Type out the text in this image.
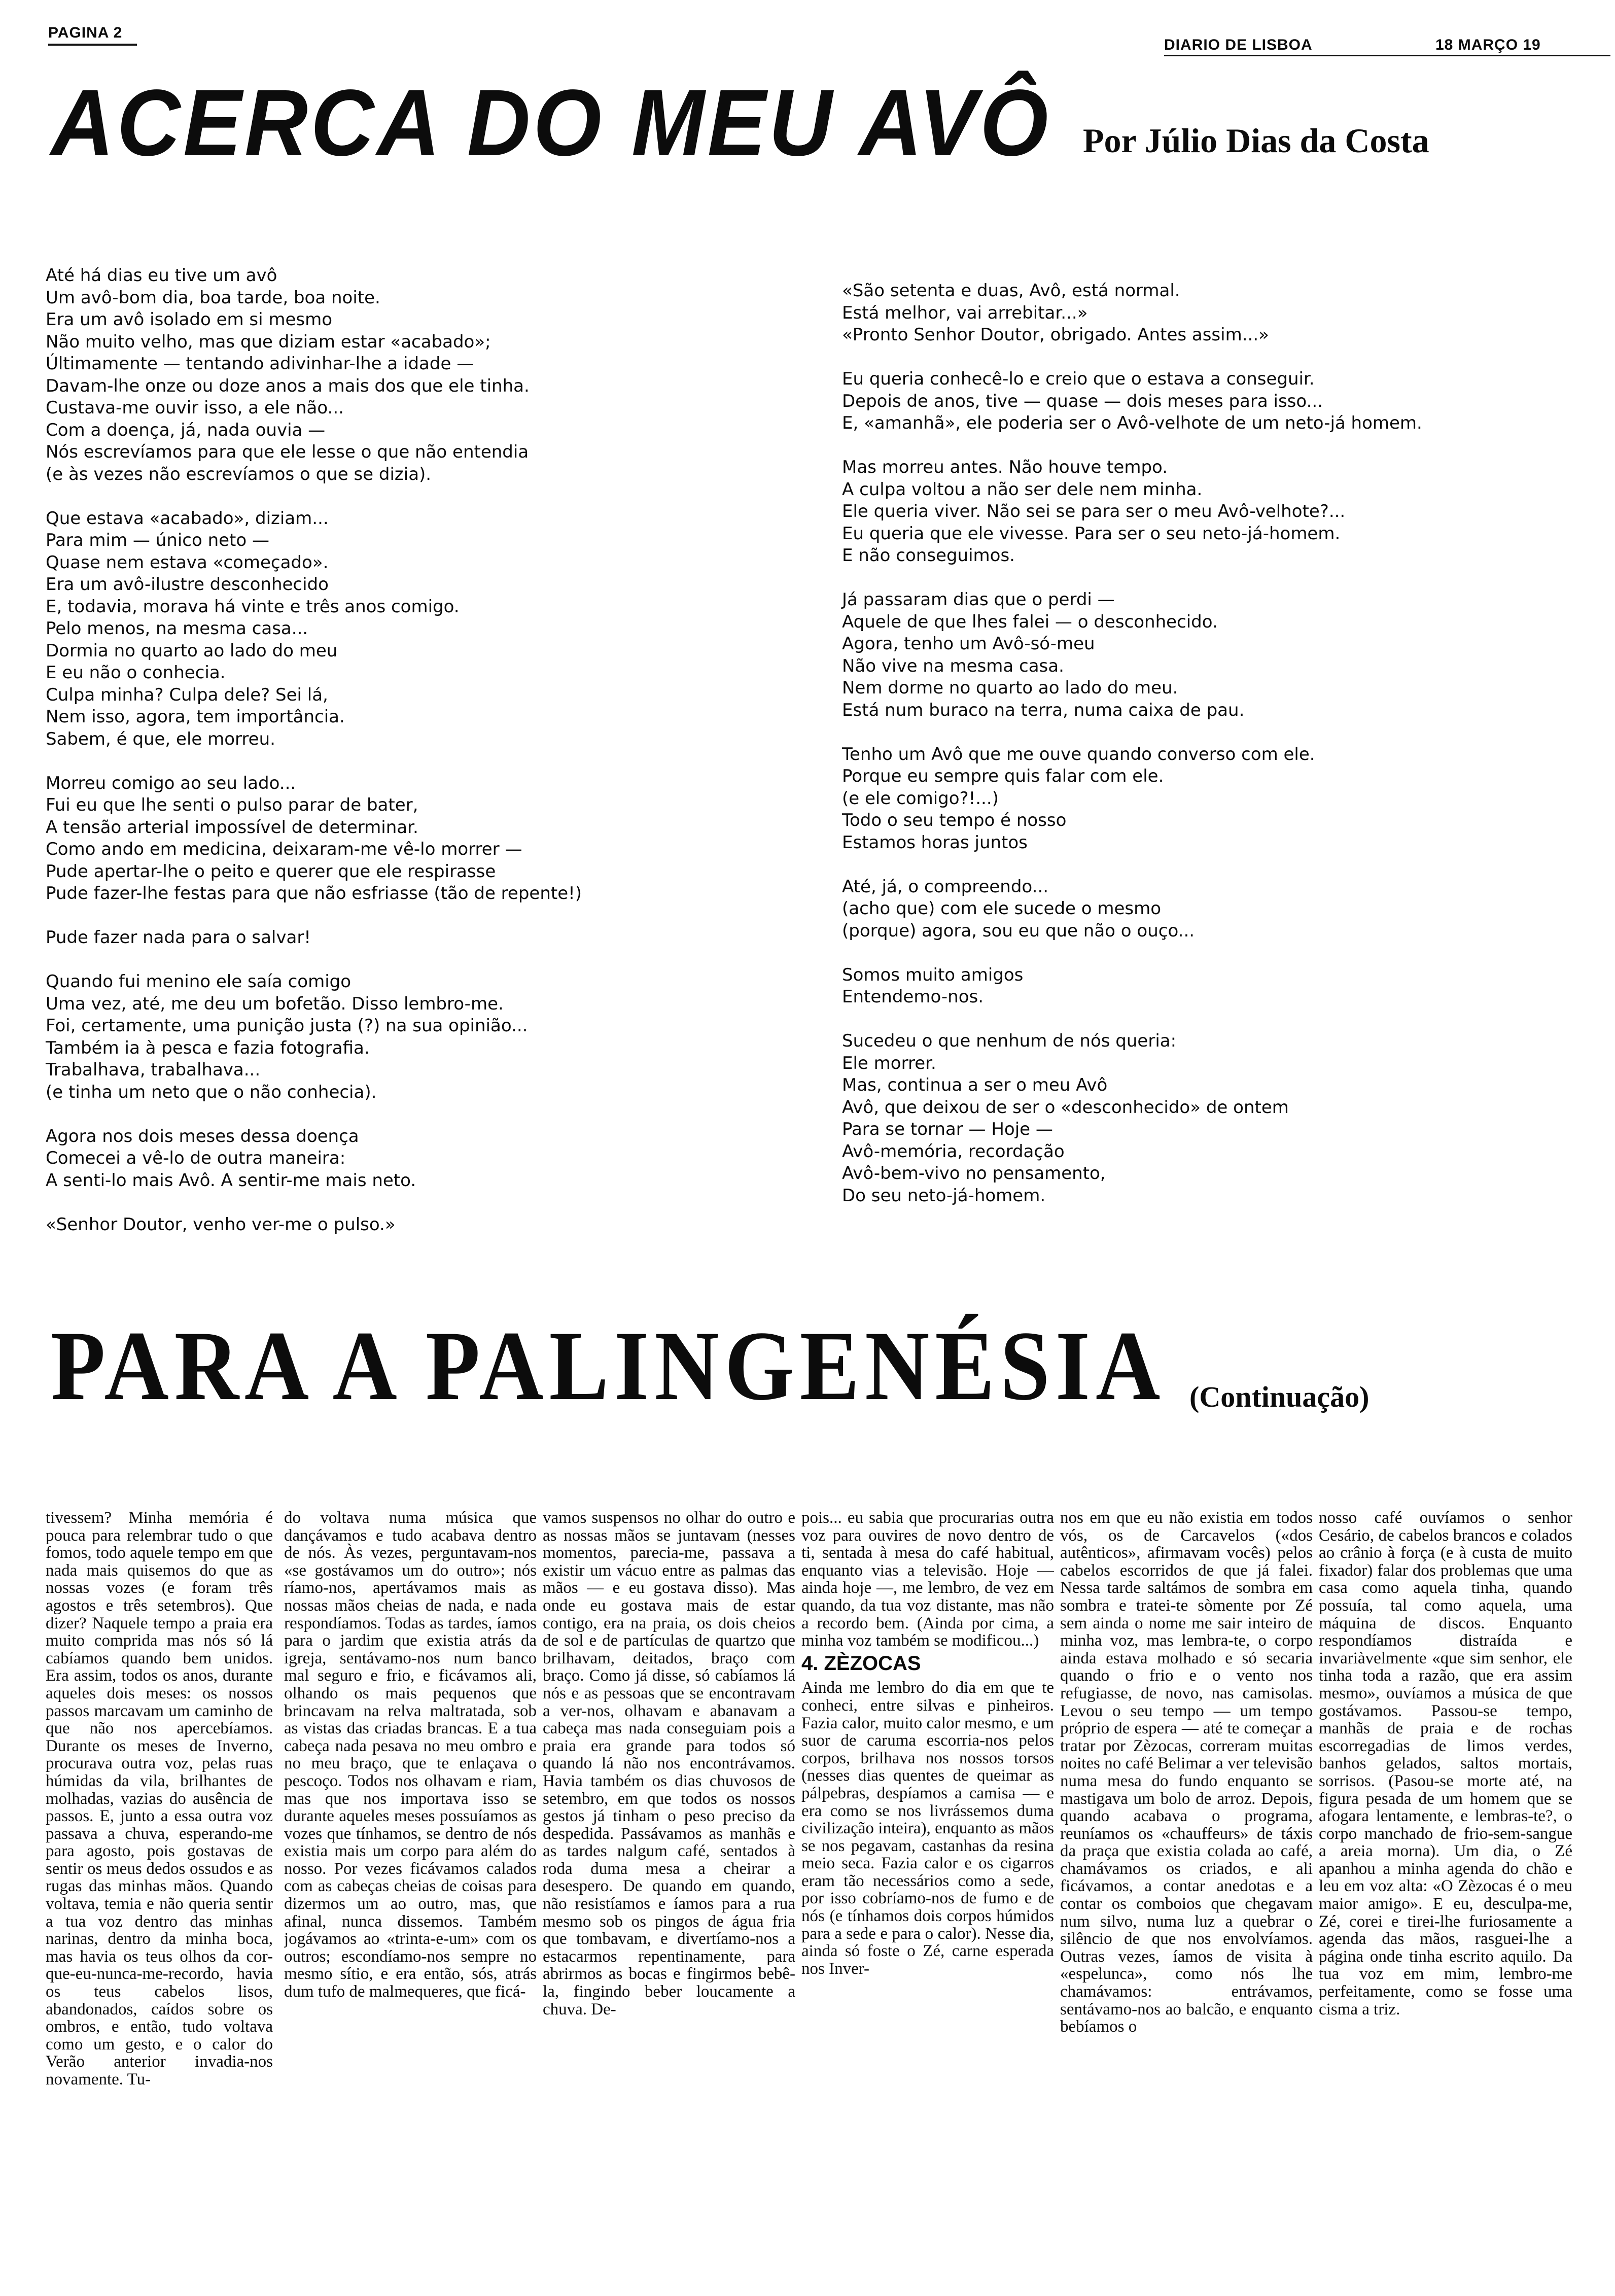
PAGINA 2
DIARIO DE LISBOA	18 MARÇO 19
ACERCA DO MEU AVÔ Por Júlio Dias da Costa
Até há dias eu tive um avô
Um avô-bom dia, boa tarde, boa noite.
Era um avô isolado em si mesmo
Não muito velho, mas que diziam estar «acabado»;
Últimamente — tentando adivinhar-lhe a idade —
Davam-lhe onze ou doze anos a mais dos que ele tinha.
Custava-me ouvir isso, a ele não...
Com a doença, já, nada ouvia —
Nós escrevíamos para que ele lesse o que não entendia
(e às vezes não escrevíamos o que se dizia).

Que estava «acabado», diziam...
Para mim — único neto —
Quase nem estava «começado».
Era um avô-ilustre desconhecido
E, todavia, morava há vinte e três anos comigo.
Pelo menos, na mesma casa...
Dormia no quarto ao lado do meu
E eu não o conhecia.
Culpa minha? Culpa dele? Sei lá,
Nem isso, agora, tem importância.
Sabem, é que, ele morreu.

Morreu comigo ao seu lado...
Fui eu que lhe senti o pulso parar de bater,
A tensão arterial impossível de determinar.
Como ando em medicina, deixaram-me vê-lo morrer —
Pude apertar-lhe o peito e querer que ele respirasse
Pude fazer-lhe festas para que não esfriasse (tão de repente!)

Pude fazer nada para o salvar!

Quando fui menino ele saía comigo
Uma vez, até, me deu um bofetão. Disso lembro-me.
Foi, certamente, uma punição justa (?) na sua opinião...
Também ia à pesca e fazia fotografia.
Trabalhava, trabalhava...
(e tinha um neto que o não conhecia).

Agora nos dois meses dessa doença
Comecei a vê-lo de outra maneira:
A senti-lo mais Avô. A sentir-me mais neto.

«Senhor Doutor, venho ver-me o pulso.»
«São setenta e duas, Avô, está normal.
Está melhor, vai arrebitar...»
«Pronto Senhor Doutor, obrigado. Antes assim...»

Eu queria conhecê-lo e creio que o estava a conseguir.
Depois de anos, tive — quase — dois meses para isso...
E, «amanhã», ele poderia ser o Avô-velhote de um neto-já homem.

Mas morreu antes. Não houve tempo.
A culpa voltou a não ser dele nem minha.
Ele queria viver. Não sei se para ser o meu Avô-velhote?...
Eu queria que ele vivesse. Para ser o seu neto-já-homem.
E não conseguimos.

Já passaram dias que o perdi —
Aquele de que lhes falei — o desconhecido.
Agora, tenho um Avô-só-meu
Não vive na mesma casa.
Nem dorme no quarto ao lado do meu.
Está num buraco na terra, numa caixa de pau.

Tenho um Avô que me ouve quando converso com ele.
Porque eu sempre quis falar com ele.
(e ele comigo?!...)
Todo o seu tempo é nosso
Estamos horas juntos

Até, já, o compreendo...
(acho que) com ele sucede o mesmo
(porque) agora, sou eu que não o ouço...

Somos muito amigos
Entendemo-nos.

Sucedeu o que nenhum de nós queria:
Ele morrer.
Mas, continua a ser o meu Avô
Avô, que deixou de ser o «desconhecido» de ontem
Para se tornar — Hoje —
Avô-memória, recordação
Avô-bem-vivo no pensamento,
Do seu neto-já-homem.
PARA A PALINGENÉSIA (Continuação)

tivessem? Minha memória é pouca para relembrar tudo o que fomos, todo aquele tempo em que nada mais quisemos do que as nossas vozes (e foram três agostos e três setembros). Que dizer? Naquele tempo a praia era muito comprida mas nós só lá cabíamos quando bem unidos. Era assim, todos os anos, durante aqueles dois meses: os nossos passos marcavam um caminho de que não nos apercebíamos. Durante os meses de Inverno, procurava outra voz, pelas ruas húmidas da vila, brilhantes de molhadas, vazias do ausência de passos. E, junto a essa outra voz passava a chuva, esperando-me para agosto, pois gostavas de sentir os meus dedos ossudos e as rugas das minhas mãos. Quando voltava, temia e não queria sentir a tua voz dentro das minhas narinas, dentro da minha boca, mas havia os teus olhos da cor-que-eu-nunca-me-recordo, havia os teus cabelos lisos, abandonados, caídos sobre os ombros, e então, tudo voltava como um gesto, e o calor do Verão anterior invadia-nos novamente. Tu-

do voltava numa música que dançávamos e tudo acabava dentro de nós. Às vezes, perguntavam-nos «se gostávamos um do outro»; nós ríamo-nos, apertávamos mais as nossas mãos cheias de nada, e nada respondíamos. Todas as tardes, íamos para o jardim que existia atrás da igreja, sentávamo-nos num banco mal seguro e frio, e ficávamos ali, olhando os mais pequenos que brincavam na relva maltratada, sob as vistas das criadas brancas. E a tua cabeça nada pesava no meu ombro e no meu braço, que te enlaçava o pescoço. Todos nos olhavam e riam, mas que nos importava isso se durante aqueles meses possuíamos as vozes que tínhamos, se dentro de nós existia mais um corpo para além do nosso. Por vezes ficávamos calados com as cabeças cheias de coisas para dizermos um ao outro, mas, que afinal, nunca dissemos. Também jogávamos ao «trinta-e-um» com os outros; escondíamo-nos sempre no mesmo sítio, e era então, sós, atrás dum tufo de malmequeres, que ficá-

vamos suspensos no olhar do outro e as nossas mãos se juntavam (nesses momentos, parecia-me, passava a existir um vácuo entre as palmas das mãos — e eu gostava disso). Mas onde eu gostava mais de estar contigo, era na praia, os dois cheios de sol e de partículas de quartzo que brilhavam, deitados, braço com braço. Como já disse, só cabíamos lá nós e as pessoas que se encontravam a ver-nos, olhavam e abanavam a cabeça mas nada conseguiam pois a praia era grande para todos só quando lá não nos encontrávamos. Havia também os dias chuvosos de setembro, em que todos os nossos gestos já tinham o peso preciso da despedida. Passávamos as manhãs e as tardes nalgum café, sentados à roda duma mesa a cheirar a desespero. De quando em quando, não resistíamos e íamos para a rua mesmo sob os pingos de água fria que tombavam, e divertíamo-nos a estacarmos repentinamente, para abrirmos as bocas e fingirmos bebê-la, fingindo beber loucamente a chuva. De-

pois... eu sabia que procurarias outra voz para ouvires de novo dentro de ti, sentada à mesa do café habitual, enquanto vias a televisão. Hoje — ainda hoje —, me lembro, de vez em quando, da tua voz distante, mas não a recordo bem. (Ainda por cima, a minha voz também se modificou...)

4. ZÈZOCAS

Ainda me lembro do dia em que te conheci, entre silvas e pinheiros. Fazia calor, muito calor mesmo, e um suor de caruma escorria-nos pelos corpos, brilhava nos nossos torsos (nesses dias quentes de queimar as pálpebras, despíamos a camisa — e era como se nos livrássemos duma civilização inteira), enquanto as mãos se nos pegavam, castanhas da resina meio seca. Fazia calor e os cigarros eram tão necessários como a sede, por isso cobríamo-nos de fumo e de nós (e tínhamos dois corpos húmidos para a sede e para o calor). Nesse dia, ainda só foste o Zé, carne esperada nos Inver-

nos em que eu não existia em todos vós, os de Carcavelos («dos autênticos», afirmavam vocês) pelos cabelos escorridos de que já falei. Nessa tarde saltámos de sombra em sombra e tratei-te sòmente por Zé sem ainda o nome me sair inteiro de minha voz, mas lembra-te, o corpo ainda estava molhado e só secaria quando o frio e o vento nos refugiasse, de novo, nas camisolas. Levou o seu tempo — um tempo próprio de espera — até te começar a tratar por Zèzocas, correram muitas noites no café Belimar a ver televisão numa mesa do fundo enquanto se mastigava um bolo de arroz. Depois, quando acabava o programa, reuníamos os «chauffeurs» de táxis da praça que existia colada ao café, chamávamos os criados, e ali ficávamos, a contar anedotas e a contar os comboios que chegavam num silvo, numa luz a quebrar o silêncio de que nos envolvíamos. Outras vezes, íamos de visita à «espelunca», como nós lhe chamávamos: entrávamos, sentávamo-nos ao balcão, e enquanto bebíamos o

nosso café ouvíamos o senhor Cesário, de cabelos brancos e colados ao crânio à força (e à custa de muito fixador) falar dos problemas que uma casa como aquela tinha, quando possuía, tal como aquela, uma máquina de discos. Enquanto respondíamos distraída e invariàvelmente «que sim senhor, ele tinha toda a razão, que era assim mesmo», ouvíamos a música de que gostávamos. Passou-se tempo, manhãs de praia e de rochas escorregadias de limos verdes, banhos gelados, saltos mortais, sorrisos. (Pasou-se morte até, na figura pesada de um homem que se afogara lentamente, e lembras-te?, o corpo manchado de frio-sem-sangue a areia morna). Um dia, o Zé apanhou a minha agenda do chão e leu em voz alta: «O Zèzocas é o meu maior amigo». E eu, desculpa-me, Zé, corei e tirei-lhe furiosamente a agenda das mãos, rasguei-lhe a página onde tinha escrito aquilo. Da tua voz em mim, lembro-me perfeitamente, como se fosse uma cisma a triz.
